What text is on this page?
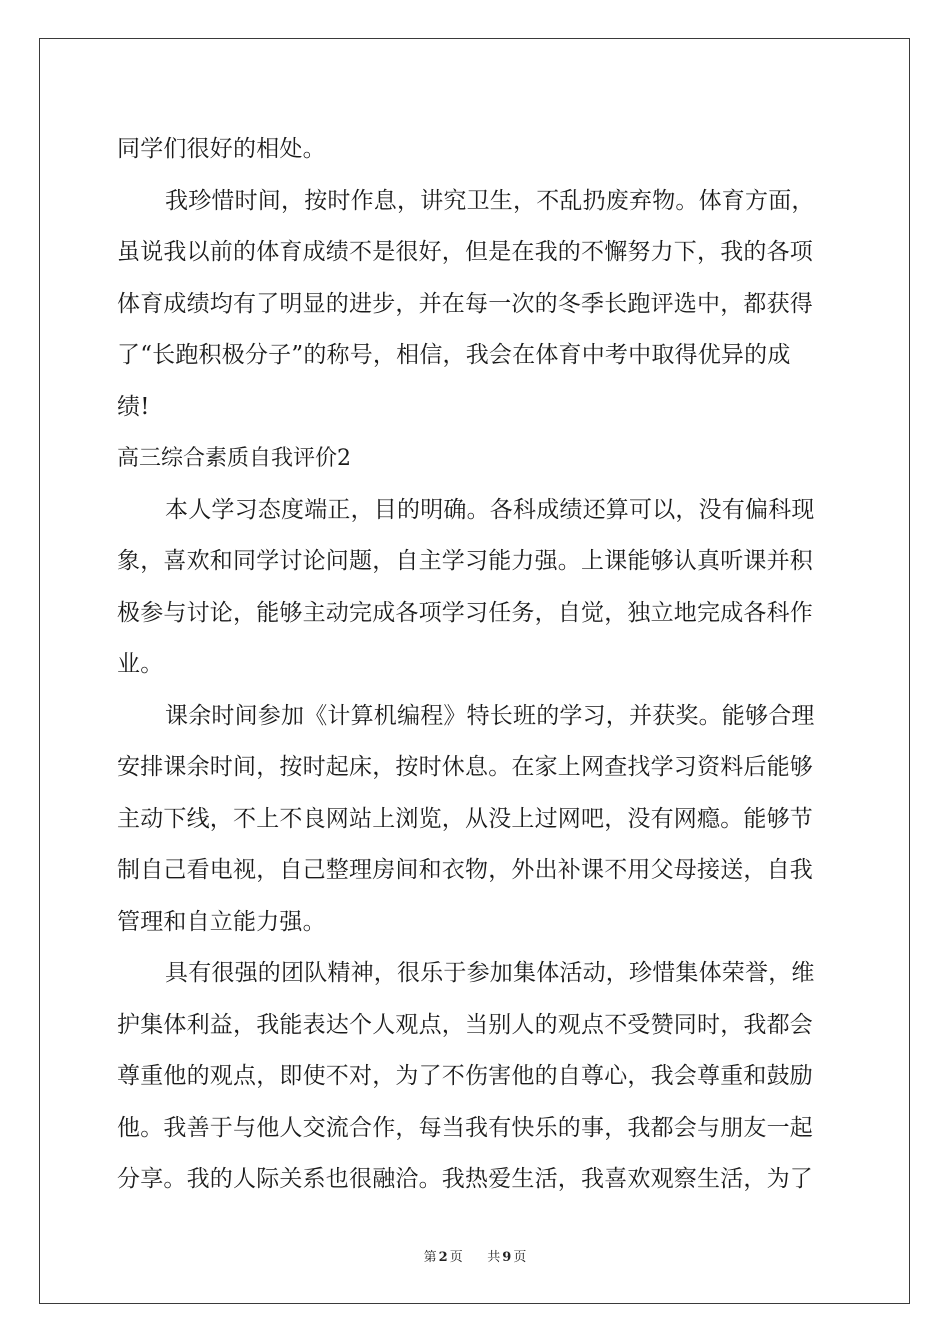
同学们很好的相处。
我珍惜时间，按时作息，讲究卫生，不乱扔废弃物。体育方面，
虽说我以前的体育成绩不是很好，但是在我的不懈努力下，我的各项
体育成绩均有了明显的进步，并在每一次的冬季长跑评选中，都获得
了“长跑积极分子”的称号，相信，我会在体育中考中取得优异的成
绩!
高三综合素质自我评价2
本人学习态度端正，目的明确。各科成绩还算可以，没有偏科现
象，喜欢和同学讨论问题，自主学习能力强。上课能够认真听课并积
极参与讨论，能够主动完成各项学习任务，自觉，独立地完成各科作
业。
课余时间参加《计算机编程》特长班的学习，并获奖。能够合理
安排课余时间，按时起床，按时休息。在家上网查找学习资料后能够
主动下线，不上不良网站上浏览，从没上过网吧，没有网瘾。能够节
制自己看电视，自己整理房间和衣物，外出补课不用父母接送，自我
管理和自立能力强。
具有很强的团队精神，很乐于参加集体活动，珍惜集体荣誉，维
护集体利益，我能表达个人观点，当别人的观点不受赞同时，我都会
尊重他的观点，即使不对，为了不伤害他的自尊心，我会尊重和鼓励
他。我善于与他人交流合作，每当我有快乐的事，我都会与朋友一起
分享。我的人际关系也很融洽。我热爱生活，我喜欢观察生活，为了
第 2 页 共 9 页
